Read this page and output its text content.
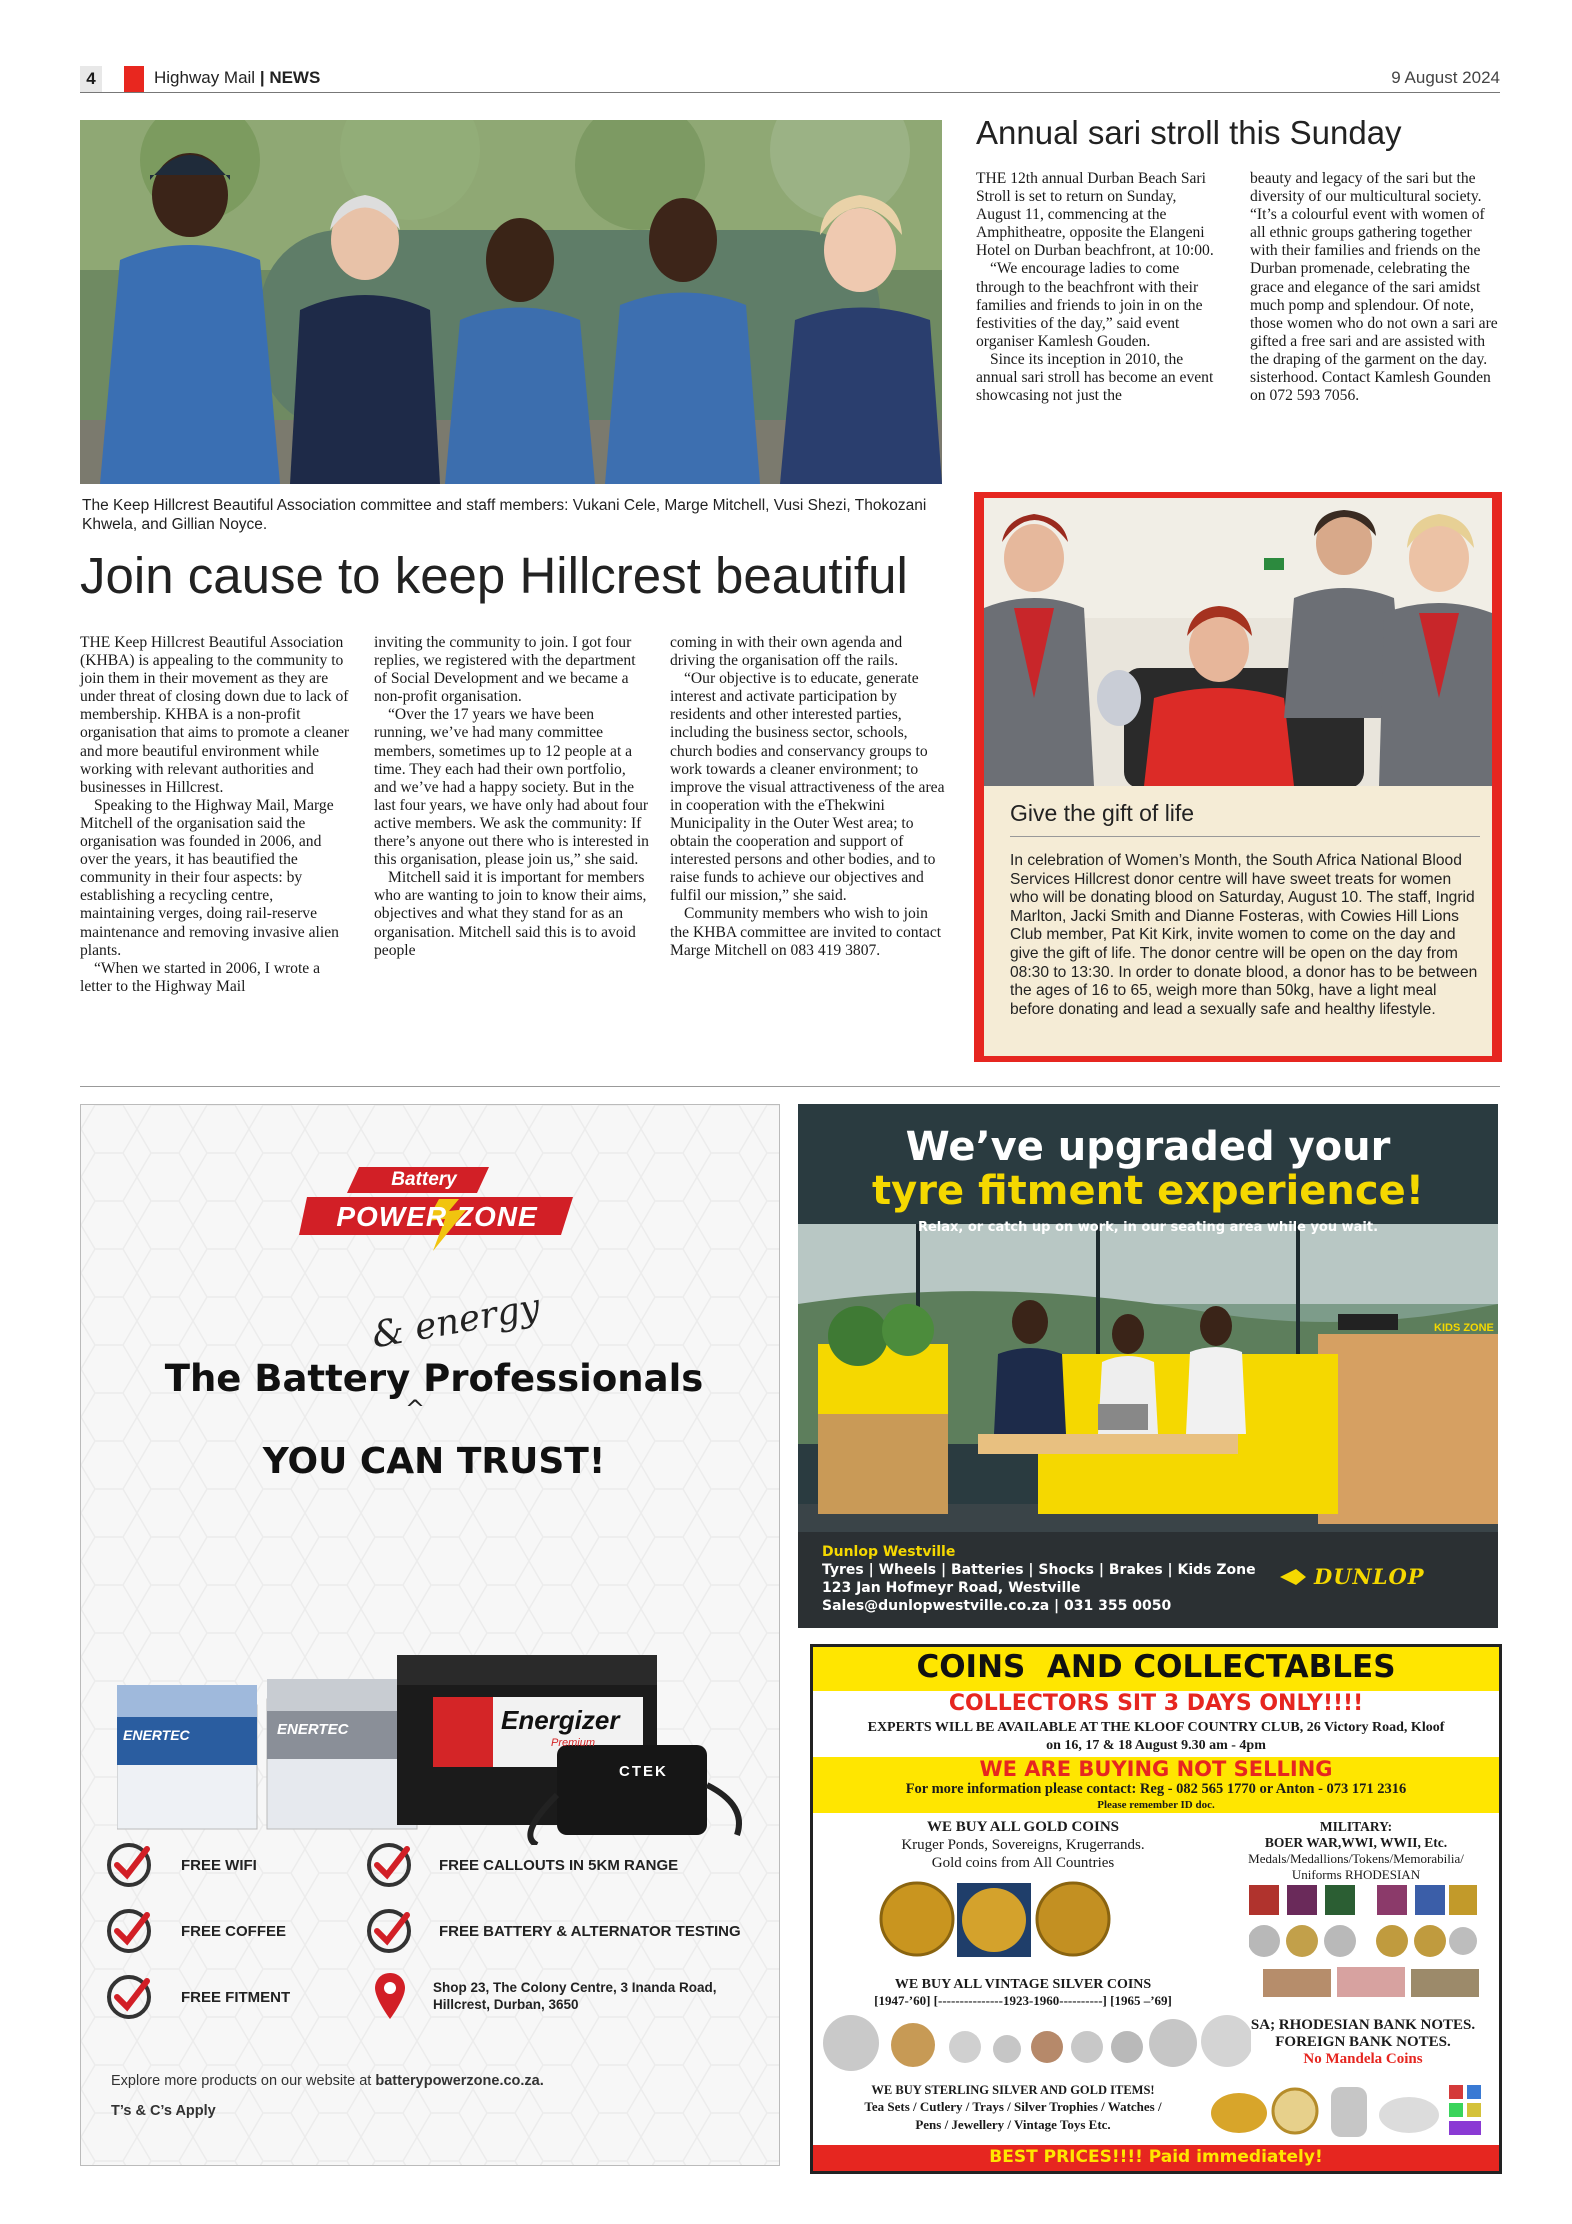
4	Highway Mail | NEWS	9 August 2024
The Keep Hillcrest Beautiful Association committee and staff members: Vukani Cele, Marge Mitchell, Vusi Shezi, Thokozani Khwela, and Gillian Noyce.
Annual sari stroll this Sunday

THE 12th annual Durban Beach Sari Stroll is set to return on Sunday, August 11, commencing at the Amphitheatre, opposite the Elangeni Hotel on Durban beachfront, at 10:00.

“We encourage ladies to come through to the beachfront with their families and friends to join in on the festivities of the day,” said event organiser Kamlesh Gouden.

Since its inception in 2010, the annual sari stroll has become an event showcasing not just the

beauty and legacy of the sari but the diversity of our multicultural society. “It’s a colourful event with women of all ethnic groups gathering together with their families and friends on the Durban promenade, celebrating the grace and elegance of the sari amidst much pomp and splendour. Of note, those women who do not own a sari are gifted a free sari and are assisted with the draping of the garment on the day. sisterhood. Contact Kamlesh Gounden on 072 593 7056.

Join cause to keep Hillcrest beautiful

THE Keep Hillcrest Beautiful Association (KHBA) is appealing to the community to join them in their movement as they are under threat of closing down due to lack of membership. KHBA is a non-profit organisation that aims to promote a cleaner and more beautiful environment while working with relevant authorities and businesses in Hillcrest.

Speaking to the Highway Mail, Marge Mitchell of the organisation said the organisation was founded in 2006, and over the years, it has beautified the community in their four aspects: by establishing a recycling centre, maintaining verges, doing rail-reserve maintenance and removing invasive alien plants.

“When we started in 2006, I wrote a letter to the Highway Mail

inviting the community to join. I got four replies, we registered with the department of Social Development and we became a non-profit organisation.

“Over the 17 years we have been running, we’ve had many committee members, sometimes up to 12 people at a time. They each had their own portfolio, and we’ve had a happy society. But in the last four years, we have only had about four active members. We ask the community: If there’s anyone out there who is interested in this organisation, please join us,” she said.

Mitchell said it is important for members who are wanting to join to know their aims, objectives and what they stand for as an organisation. Mitchell said this is to avoid people

coming in with their own agenda and driving the organisation off the rails.

“Our objective is to educate, generate interest and activate participation by residents and other interested parties, including the business sector, schools, church bodies and conservancy groups to work towards a cleaner environment; to improve the visual attractiveness of the area in cooperation with the eThekwini Municipality in the Outer West area; to obtain the cooperation and support of interested persons and other bodies, and to raise funds to achieve our objectives and fulfil our mission,” she said.

Community members who wish to join the KHBA committee are invited to contact Marge Mitchell on 083 419 3807.

Give the gift of life
In celebration of Women’s Month, the South Africa National Blood Services Hillcrest donor centre will have sweet treats for women who will be donating blood on Saturday, August 10. The staff, Ingrid Marlton, Jacki Smith and Dianne Fosteras, with Cowies Hill Lions Club member, Pat Kit Kirk, invite women to come on the day and give the gift of life. The donor centre will be open on the day from 08:30 to 13:30. In order to donate blood, a donor has to be between the ages of 16 to 65, weigh more than 50kg, have a light meal before donating and lead a sexually safe and healthy lifestyle.
Battery
POWER ZONE
& energy
The Battery Professionals
^
YOU CAN TRUST!
ENERTEC	ENERTEC	Energizer
Premium
CTEK
FREE WIFI	FREE CALLOUTS IN 5KM RANGE
FREE COFFEE	FREE BATTERY & ALTERNATOR TESTING
FREE FITMENT
Shop 23, The Colony Centre, 3 Inanda Road, Hillcrest, Durban, 3650
Explore more products on our website at batterypowerzone.co.za.
T’s & C’s Apply
We’ve upgraded your
tyre fitment experience!
Relax, or catch up on work, in our seating area while you wait.
KIDS ZONE
Dunlop Westville
Tyres | Wheels | Batteries | Shocks | Brakes | Kids Zone
123 Jan Hofmeyr Road, Westville
Sales@dunlopwestville.co.za | 031 355 0050
DUNLOP
COINS  AND COLLECTABLES
COLLECTORS SIT 3 DAYS ONLY!!!!
EXPERTS WILL BE AVAILABLE AT THE KLOOF COUNTRY CLUB, 26 Victory Road, Kloof
on 16, 17 & 18 August 9.30 am - 4pm
WE ARE BUYING NOT SELLING
For more information please contact: Reg - 082 565 1770 or Anton - 073 171 2316
Please remember ID doc.
WE BUY ALL GOLD COINS
Kruger Ponds, Sovereigns, Krugerrands.
Gold coins from All Countries
MILITARY:
BOER WAR,WWI, WWII, Etc.
Medals/Medallions/Tokens/Memorabilia/
Uniforms RHODESIAN
WE BUY ALL VINTAGE SILVER COINS
[1947-’60] [---------------1923-1960----------] [1965 –’69]
SA; RHODESIAN BANK NOTES.
FOREIGN BANK NOTES.
No Mandela Coins
WE BUY STERLING SILVER AND GOLD ITEMS!
Tea Sets / Cutlery / Trays / Silver Trophies / Watches /
Pens / Jewellery / Vintage Toys Etc.
BEST PRICES!!!! Paid immediately!
